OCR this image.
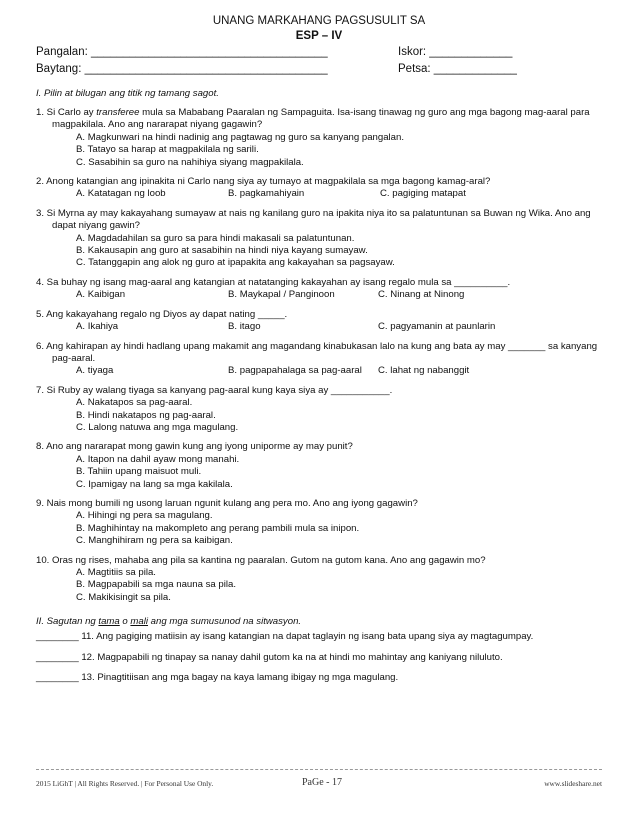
UNANG MARKAHANG PAGSUSULIT SA
ESP – IV
Pangalan: _____________________________________	Iskor: _____________
Baytang: ______________________________________	Petsa: _____________
I. Pilin at bilugan ang titik ng tamang sagot.
1. Si Carlo ay transferee mula sa Mababang Paaralan ng Sampaguita. Isa-isang tinawag ng guro ang mga bagong mag-aaral para magpakilala. Ano ang nararapat niyang gagawin?
A. Magkunwari na hindi nadinig ang pagtawag ng guro sa kanyang pangalan.
B. Tatayo sa harap at magpakilala ng sarili.
C. Sasabihin sa guro na nahihiya siyang magpakilala.
2. Anong katangian ang ipinakita ni Carlo nang siya ay tumayo at magpakilala sa mga bagong kamag-aral?
A. Katatagan ng loob	B. pagkamahiyain	C. pagiging matapat
3. Si Myrna ay may kakayahang sumayaw at nais ng kanilang guro na ipakita niya ito sa palatuntunan sa Buwan ng Wika. Ano ang dapat niyang gawin?
A. Magdadahilan sa guro sa para hindi makasali sa palatuntunan.
B. Kakausapin ang guro at sasabihin na hindi niya kayang sumayaw.
C. Tatanggapin ang alok ng guro at ipapakita ang kakayahan sa pagsayaw.
4. Sa buhay ng isang mag-aaral ang katangian at natatanging kakayahan ay isang regalo mula sa __________.
A. Kaibigan	B. Maykapal / Panginoon	C. Ninang at Ninong
5. Ang kakayahang regalo ng Diyos ay dapat nating _____.
A. Ikahiya	B. itago	C. pagyamanin at paunlarin
6. Ang kahirapan ay hindi hadlang upang makamit ang magandang kinabukasan lalo na kung ang bata ay may _______ sa kanyang pag-aaral.
A. tiyaga	B. pagpapahalaga sa pag-aaral	C. lahat ng nabanggit
7. Si Ruby ay walang tiyaga sa kanyang pag-aaral kung kaya siya ay ___________.
A. Nakatapos sa pag-aaral.
B. Hindi nakatapos ng pag-aaral.
C. Lalong natuwa ang mga magulang.
8. Ano ang nararapat mong gawin kung ang iyong uniporme ay may punit?
A. Itapon na dahil ayaw mong manahi.
B. Tahiin upang maisuot muli.
C. Ipamigay na lang sa mga kakilala.
9. Nais mong bumili ng usong laruan ngunit kulang ang pera mo. Ano ang iyong gagawin?
A. Hihingi ng pera sa magulang.
B. Maghihintay na makompleto ang perang pambili mula sa inipon.
C. Manghihiram ng pera sa kaibigan.
10. Oras ng rises, mahaba ang pila sa kantina ng paaralan. Gutom na gutom kana. Ano ang gagawin mo?
A. Magtitiis sa pila.
B. Magpapabili sa mga nauna sa pila.
C. Makikisingit sa pila.
II. Sagutan ng tama o mali ang mga sumusunod na sitwasyon.
________ 11. Ang pagiging matiisin ay isang katangian na dapat taglayin ng isang bata upang siya ay magtagumpay.
________ 12. Magpapabili ng tinapay sa nanay dahil gutom ka na at hindi mo mahintay ang kaniyang niluluto.
________ 13. Pinagtitiisan ang mga bagay na kaya lamang ibigay ng mga magulang.
2015 LiGhT | All Rights Reserved. | For Personal Use Only.	PaGe - 17	www.slideshare.net
